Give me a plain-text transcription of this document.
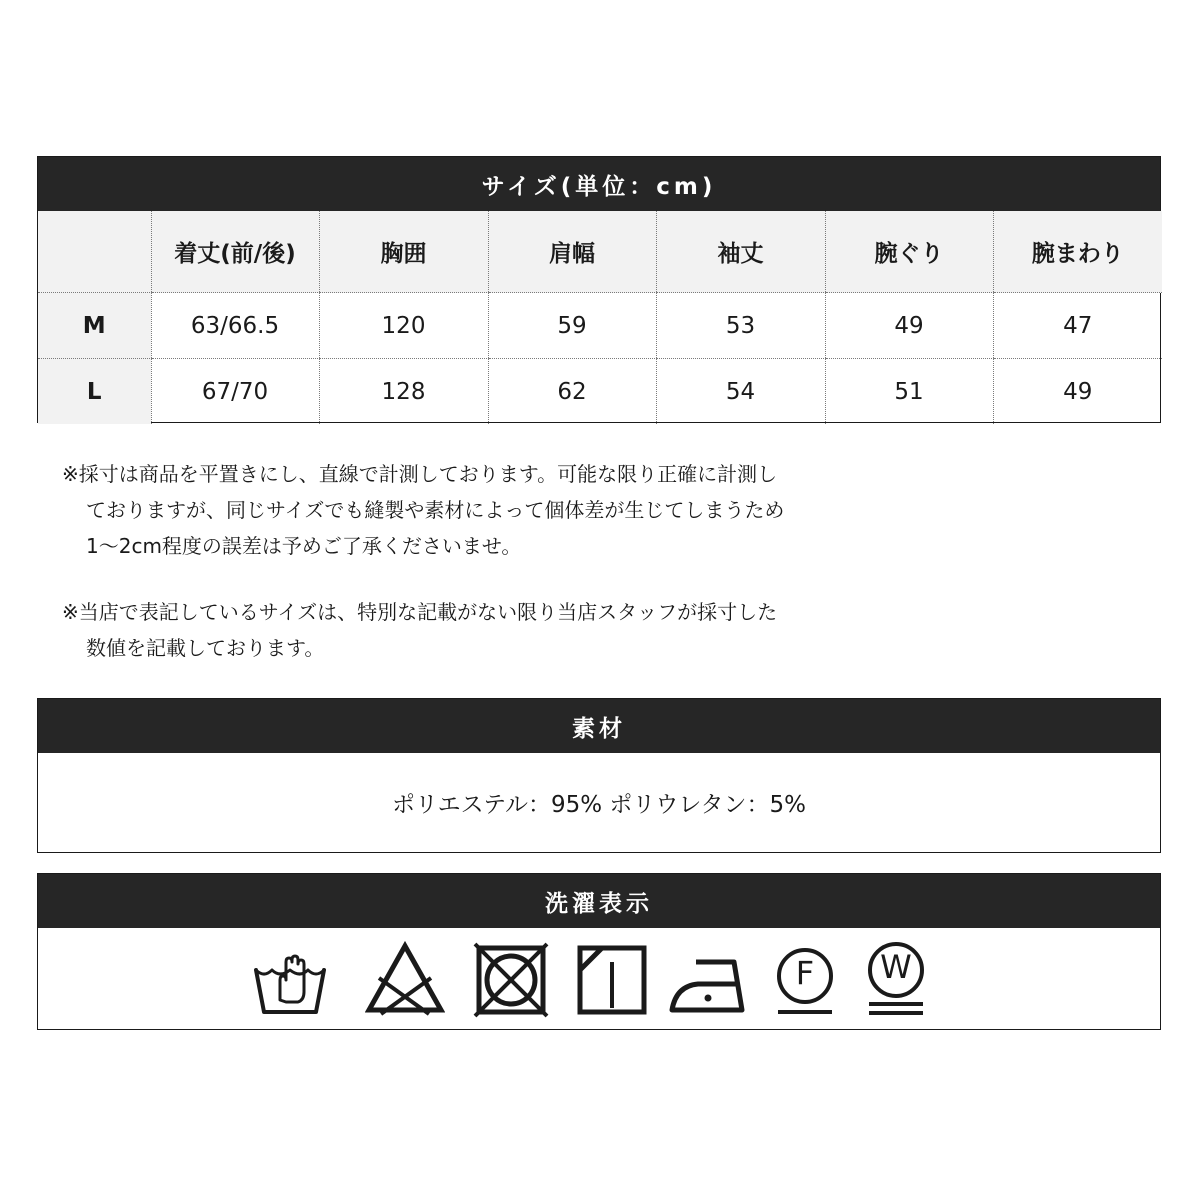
サイズ(単位：cm)
	着丈(前/後)	胸囲	肩幅	袖丈	腕ぐり	腕まわり
M	63/66.5	120	59	53	49	47
L	67/70	128	62	54	51	49
※採寸は商品を平置きにし、直線で計測しております。可能な限り正確に計測し
ておりますが、同じサイズでも縫製や素材によって個体差が生じてしまうため
1〜2cm程度の誤差は予めご了承くださいませ。
※当店で表記しているサイズは、特別な記載がない限り当店スタッフが採寸した
数値を記載しております。
素材
ポリエステル：95% ポリウレタン：5%
洗濯表示
F	W
